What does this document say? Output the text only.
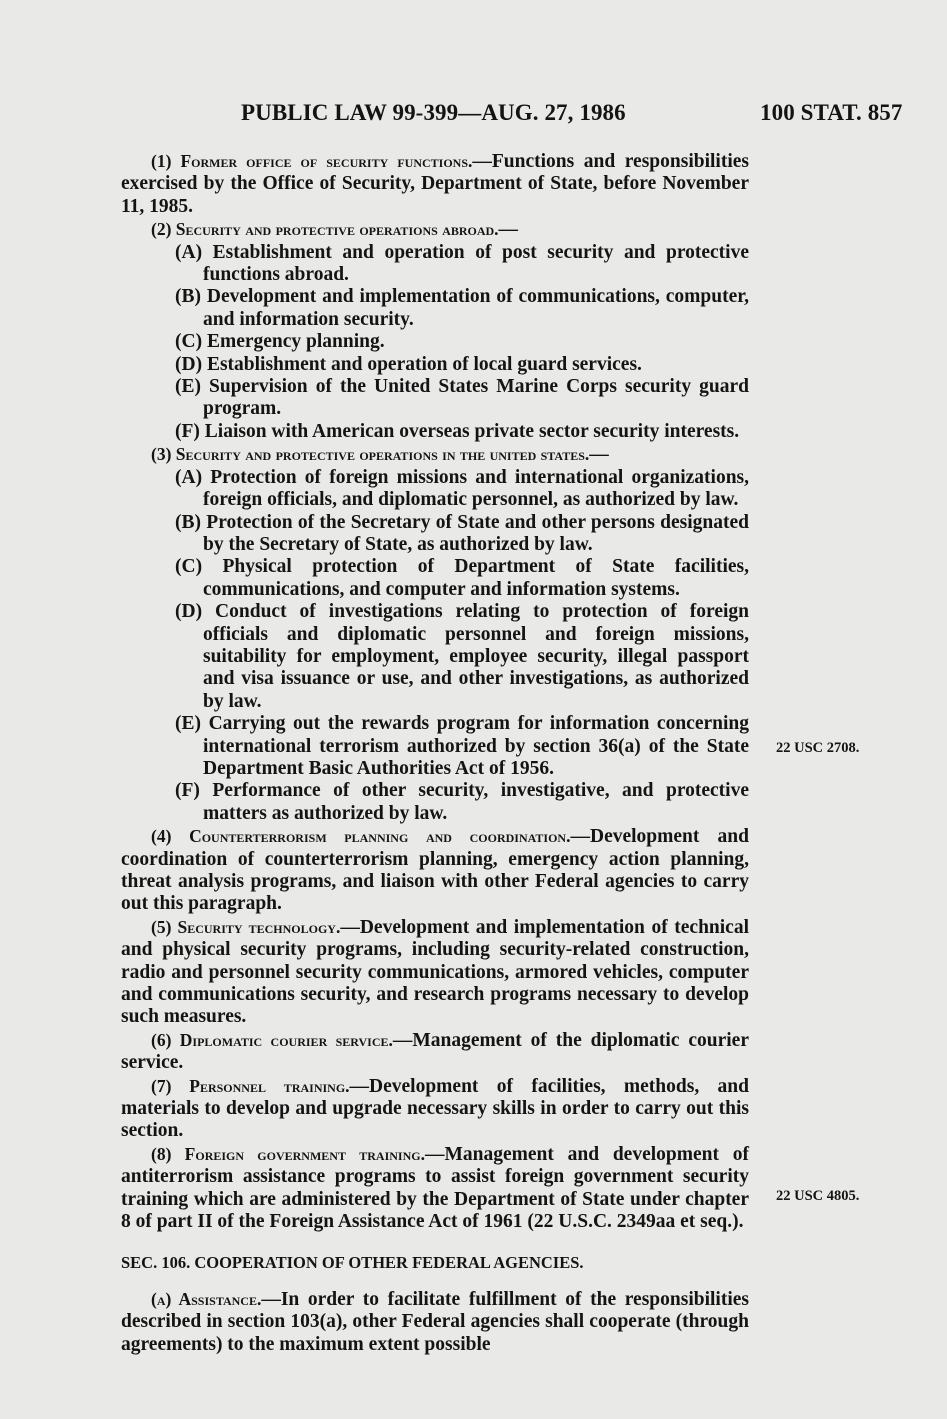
PUBLIC LAW 99-399—AUG. 27, 1986	100 STAT. 857

(1) Former office of security functions.—Functions and responsibilities exercised by the Office of Security, Department of State, before November 11, 1985.

(2) Security and protective operations abroad.—

(A) Establishment and operation of post security and protective functions abroad.

(B) Development and implementation of communications, computer, and information security.

(C) Emergency planning.

(D) Establishment and operation of local guard services.

(E) Supervision of the United States Marine Corps security guard program.

(F) Liaison with American overseas private sector security interests.

(3) Security and protective operations in the united states.—

(A) Protection of foreign missions and international organizations, foreign officials, and diplomatic personnel, as authorized by law.

(B) Protection of the Secretary of State and other persons designated by the Secretary of State, as authorized by law.

(C) Physical protection of Department of State facilities, communications, and computer and information systems.

(D) Conduct of investigations relating to protection of foreign officials and diplomatic personnel and foreign missions, suitability for employment, employee security, illegal passport and visa issuance or use, and other investigations, as authorized by law.

(E) Carrying out the rewards program for information concerning international terrorism authorized by section 36(a) of the State Department Basic Authorities Act of 1956.

(F) Performance of other security, investigative, and protective matters as authorized by law.

(4) Counterterrorism planning and coordination.—Development and coordination of counterterrorism planning, emergency action planning, threat analysis programs, and liaison with other Federal agencies to carry out this paragraph.

(5) Security technology.—Development and implementation of technical and physical security programs, including security-related construction, radio and personnel security communications, armored vehicles, computer and communications security, and research programs necessary to develop such measures.

(6) Diplomatic courier service.—Management of the diplomatic courier service.

(7) Personnel training.—Development of facilities, methods, and materials to develop and upgrade necessary skills in order to carry out this section.

(8) Foreign government training.—Management and development of antiterrorism assistance programs to assist foreign government security training which are administered by the Department of State under chapter 8 of part II of the Foreign Assistance Act of 1961 (22 U.S.C. 2349aa et seq.).

SEC. 106. COOPERATION OF OTHER FEDERAL AGENCIES.

(a) Assistance.—In order to facilitate fulfillment of the responsibilities described in section 103(a), other Federal agencies shall cooperate (through agreements) to the maximum extent possible

22 USC 2708.
22 USC 4805.
